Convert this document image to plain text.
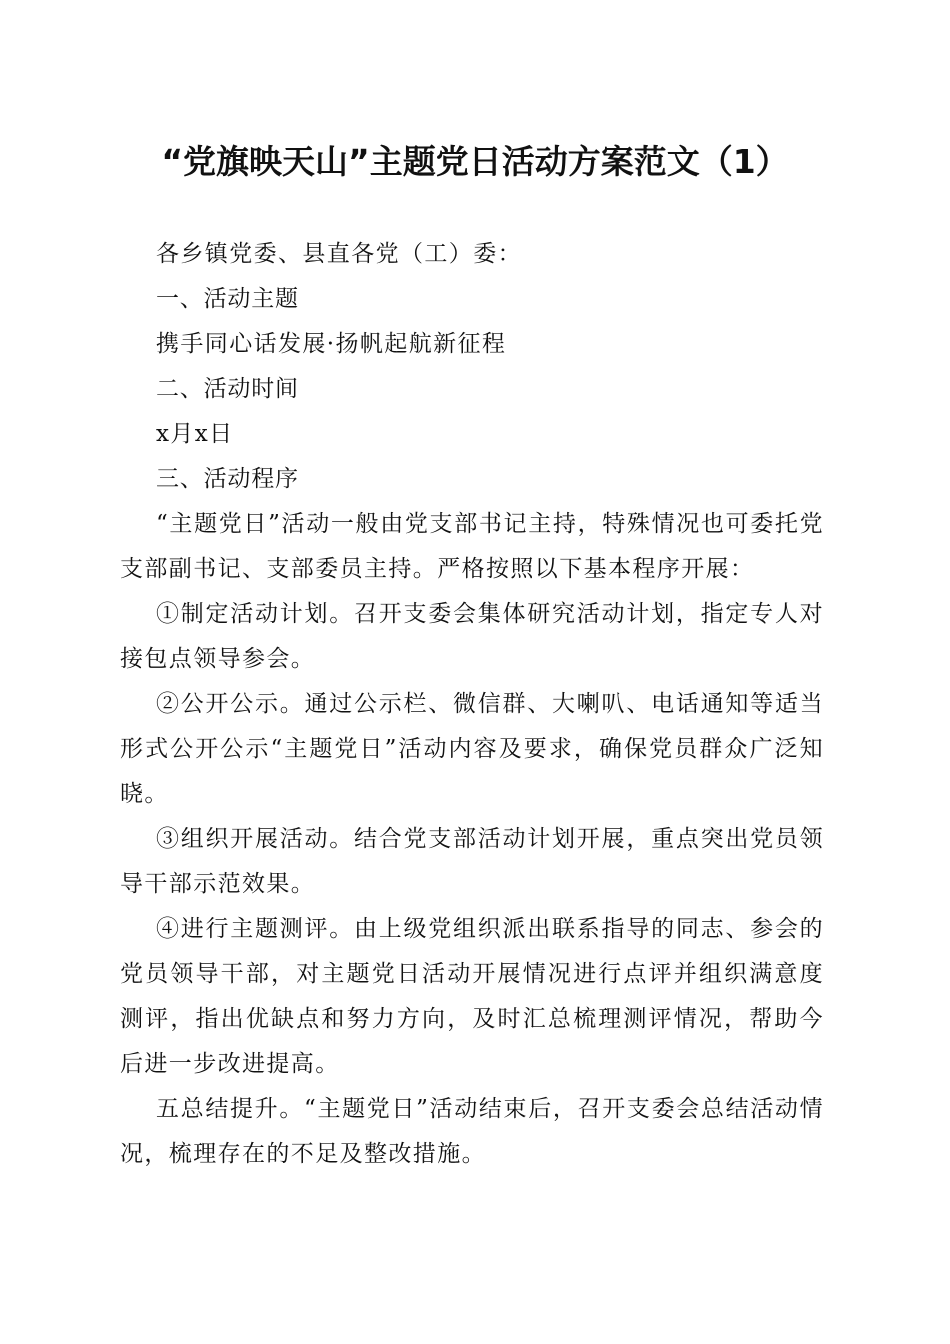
“党旗映天山”主题党日活动方案范文（1）

各乡镇党委、县直各党（工）委：

一、活动主题

携手同心话发展·扬帆起航新征程

二、活动时间

x月x日

三、活动程序

“主题党日”活动一般由党支部书记主持，特殊情况也可委托党支部副书记、支部委员主持。严格按照以下基本程序开展：

①制定活动计划。召开支委会集体研究活动计划，指定专人对接包点领导参会。

②公开公示。通过公示栏、微信群、大喇叭、电话通知等适当形式公开公示“主题党日”活动内容及要求，确保党员群众广泛知晓。

③组织开展活动。结合党支部活动计划开展，重点突出党员领导干部示范效果。

④进行主题测评。由上级党组织派出联系指导的同志、参会的党员领导干部，对主题党日活动开展情况进行点评并组织满意度测评，指出优缺点和努力方向，及时汇总梳理测评情况，帮助今后进一步改进提高。

五总结提升。“主题党日”活动结束后，召开支委会总结活动情况，梳理存在的不足及整改措施。
